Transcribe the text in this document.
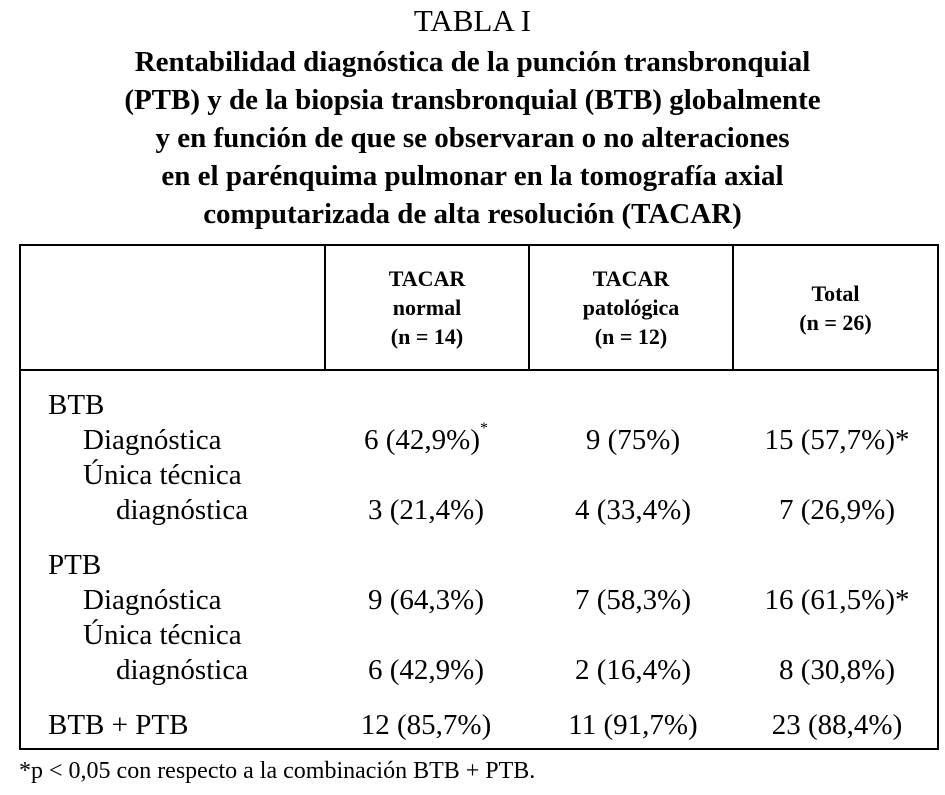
TABLA I
Rentabilidad diagnóstica de la punción transbronquial
(PTB) y de la biopsia transbronquial (BTB) globalmente
y en función de que se observaran o no alteraciones
en el parénquima pulmonar en la tomografía axial
computarizada de alta resolución (TACAR)
TACAR
normal
(n = 14)
TACAR
patológica
(n = 12)
Total
(n = 26)
BTB
Diagnóstica	6 (42,9%)*	9 (75%)	15 (57,7%)*
Única técnica
diagnóstica	3 (21,4%)	4 (33,4%)	7 (26,9%)
PTB
Diagnóstica	9 (64,3%)	7 (58,3%)	16 (61,5%)*
Única técnica
diagnóstica	6 (42,9%)	2 (16,4%)	8 (30,8%)
BTB + PTB	12 (85,7%)	11 (91,7%)	23 (88,4%)
*p < 0,05 con respecto a la combinación BTB + PTB.
